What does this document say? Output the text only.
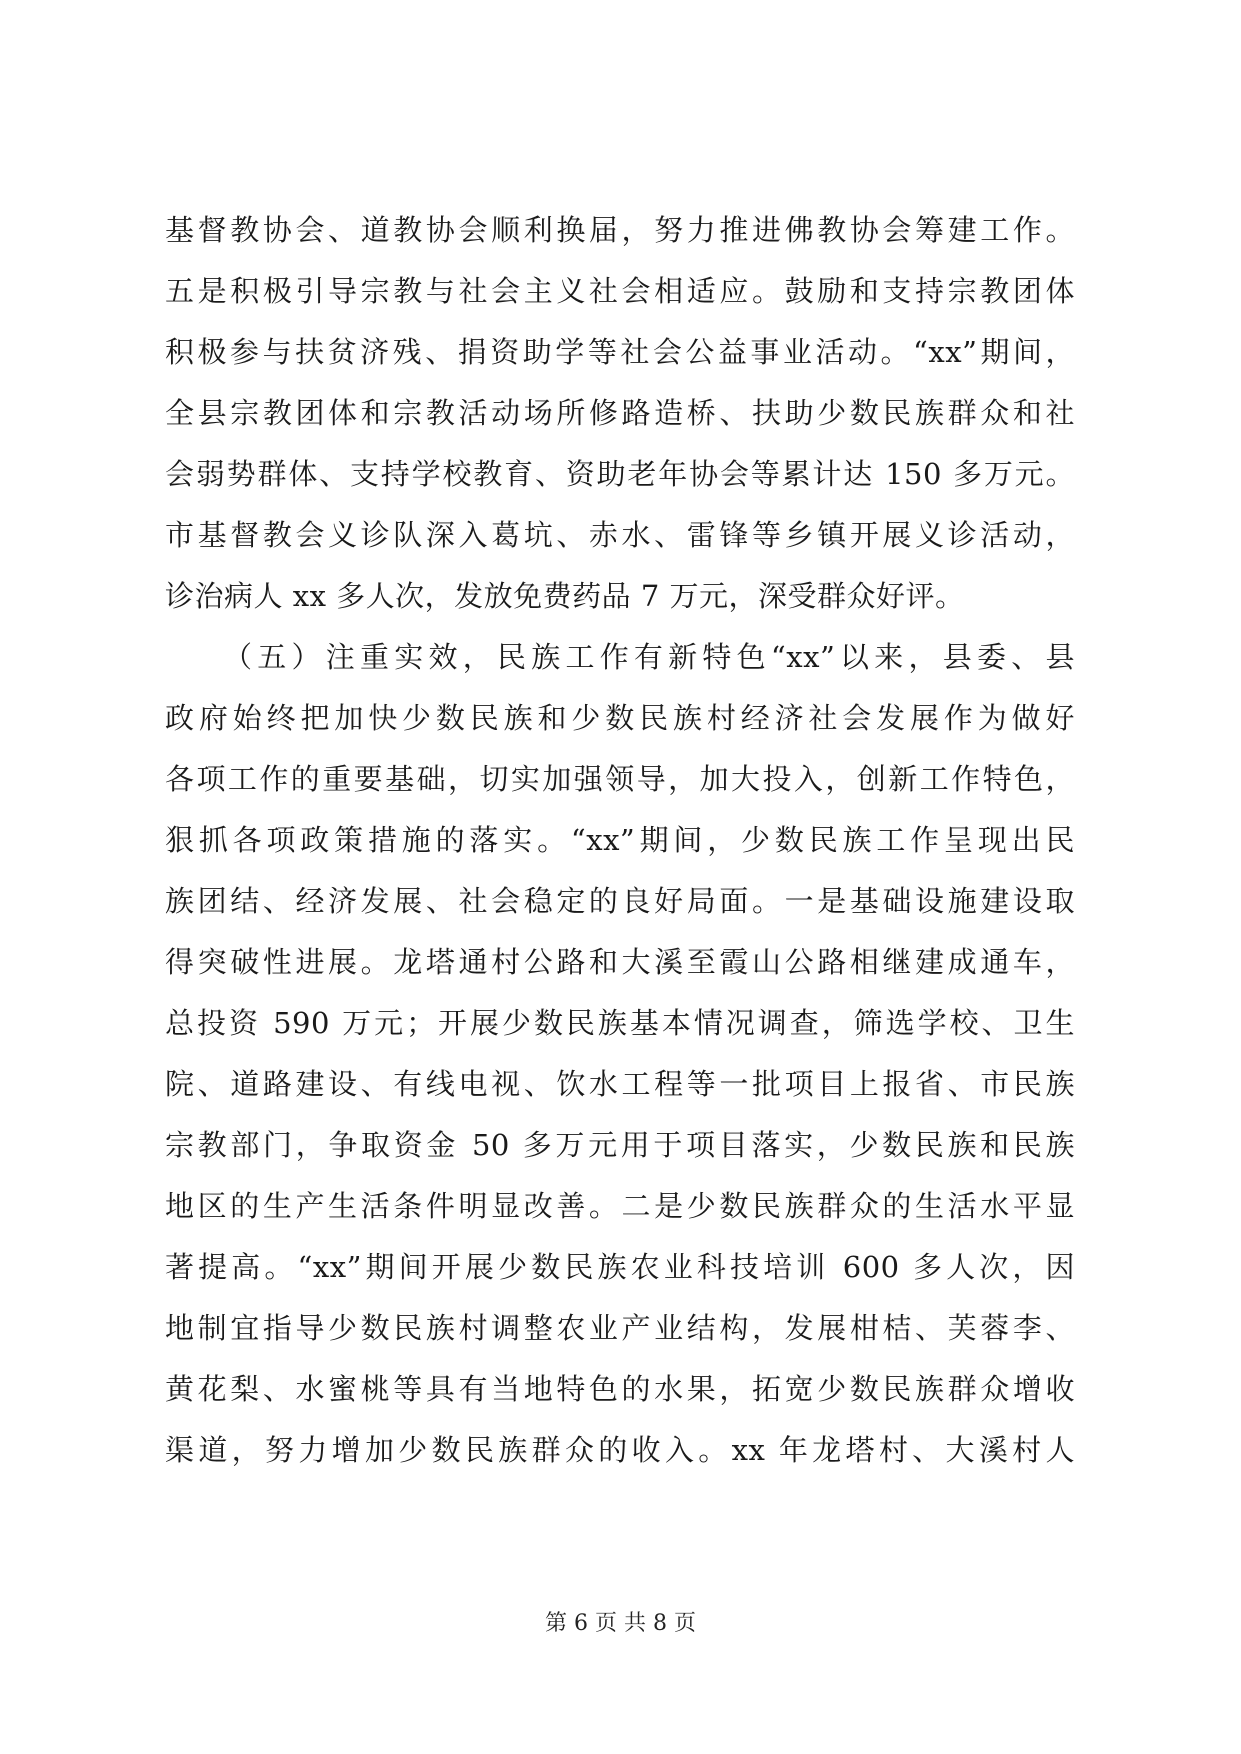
基督教协会、道教协会顺利换届，努力推进佛教协会筹建工作。
五是积极引导宗教与社会主义社会相适应。鼓励和支持宗教团体
积极参与扶贫济残、捐资助学等社会公益事业活动。“xx”期间，
全县宗教团体和宗教活动场所修路造桥、扶助少数民族群众和社
会弱势群体、支持学校教育、资助老年协会等累计达 150 多万元。
市基督教会义诊队深入葛坑、赤水、雷锋等乡镇开展义诊活动，
诊治病人 xx 多人次，发放免费药品 7 万元，深受群众好评。
（五）注重实效，民族工作有新特色“xx”以来，县委、县
政府始终把加快少数民族和少数民族村经济社会发展作为做好
各项工作的重要基础，切实加强领导，加大投入，创新工作特色，
狠抓各项政策措施的落实。“xx”期间，少数民族工作呈现出民
族团结、经济发展、社会稳定的良好局面。一是基础设施建设取
得突破性进展。龙塔通村公路和大溪至霞山公路相继建成通车，
总投资 590 万元；开展少数民族基本情况调查，筛选学校、卫生
院、道路建设、有线电视、饮水工程等一批项目上报省、市民族
宗教部门，争取资金 50 多万元用于项目落实，少数民族和民族
地区的生产生活条件明显改善。二是少数民族群众的生活水平显
著提高。“xx”期间开展少数民族农业科技培训 600 多人次，因
地制宜指导少数民族村调整农业产业结构，发展柑桔、芙蓉李、
黄花梨、水蜜桃等具有当地特色的水果，拓宽少数民族群众增收
渠道，努力增加少数民族群众的收入。xx 年龙塔村、大溪村人
第 6 页 共 8 页
